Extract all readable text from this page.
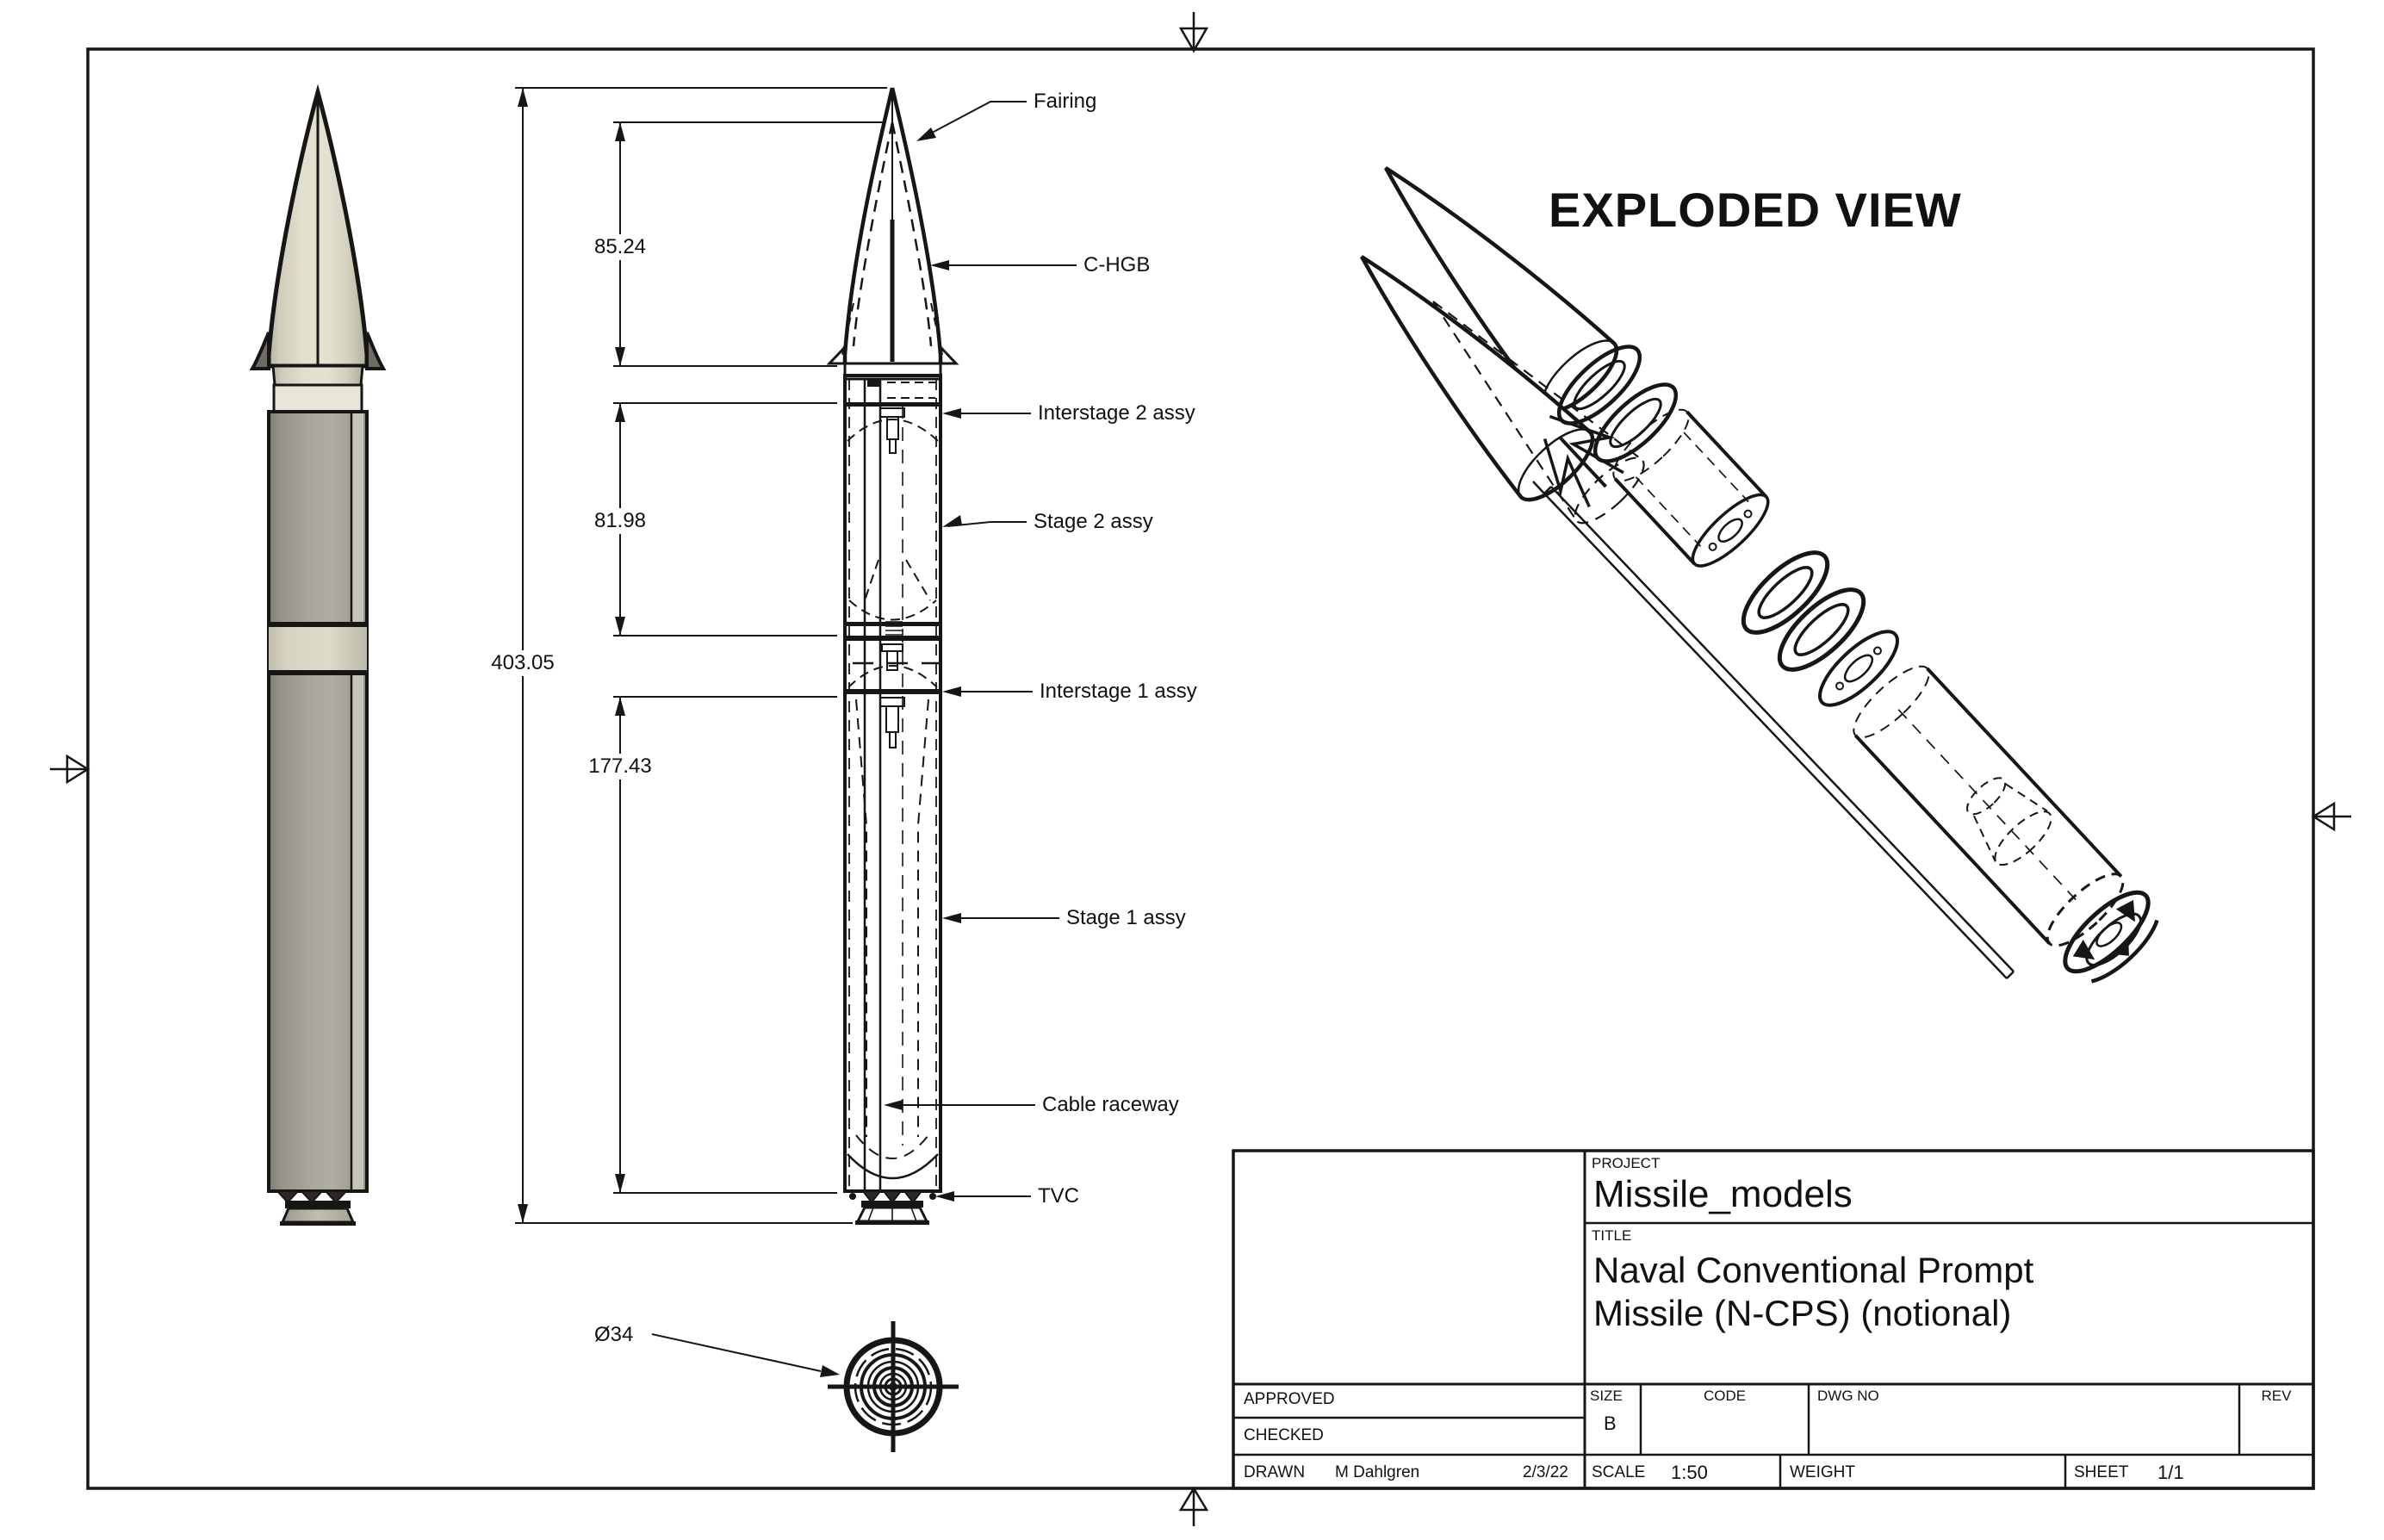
EXPLODED VIEW
Fairing
C-HGB
Interstage 2 assy
Stage 2 assy
Interstage 1 assy
Stage 1 assy
Cable raceway
TVC
85.24
81.98
403.05
177.43
Ø34
PROJECT
Missile_models
TITLE
Naval Conventional Prompt
Missile (N-CPS) (notional)
APPROVED
CHECKED
DRAWN M Dahlgren	2/3/22
SIZE
B
CODE	DWG NO	REV
SCALE 1:50	WEIGHT	SHEET 1/1
